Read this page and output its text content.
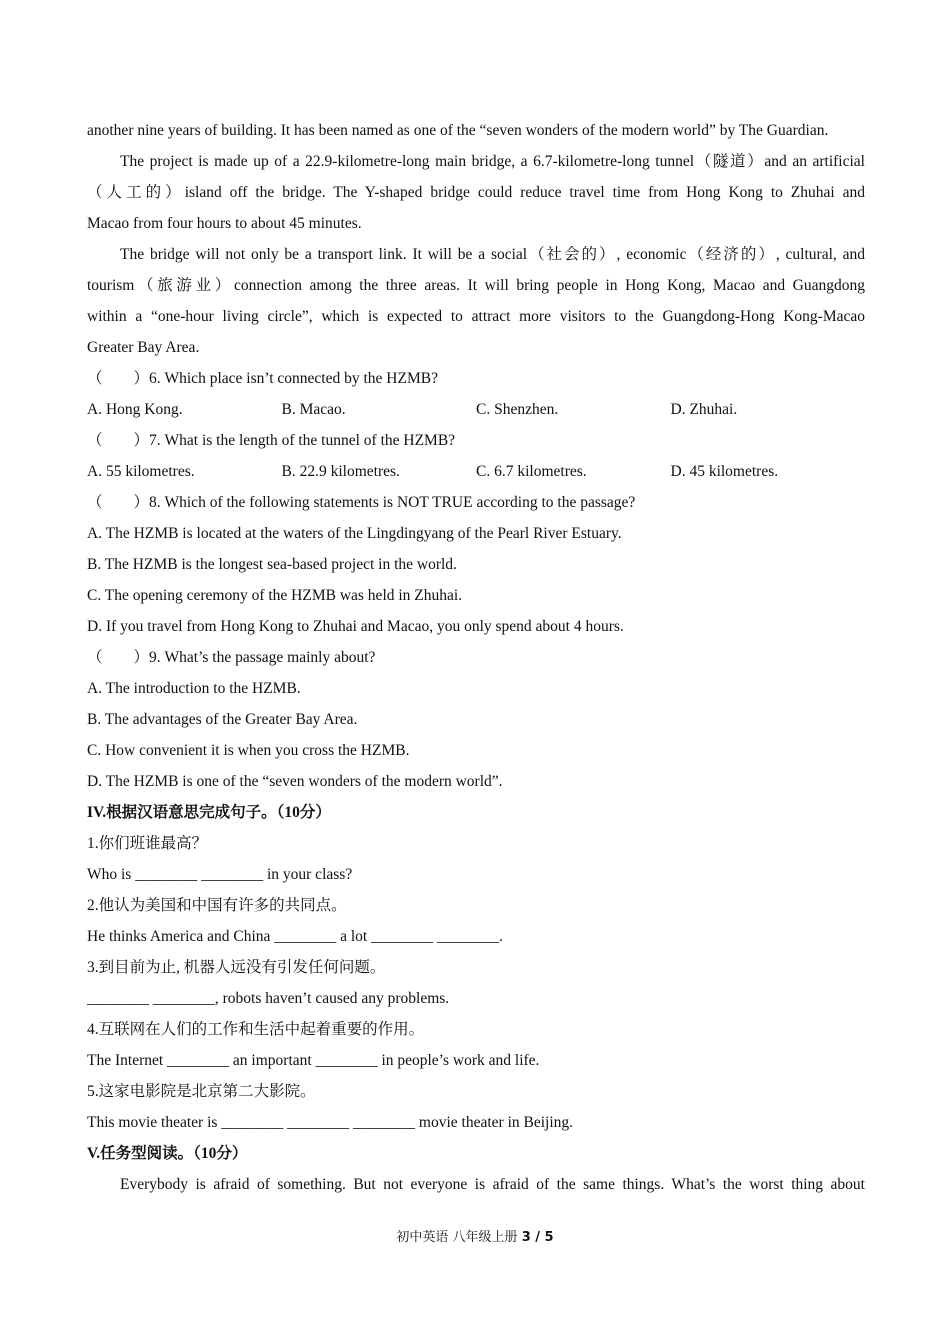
another nine years of building. It has been named as one of the “seven wonders of the modern world” by The Guardian.
The project is made up of a 22.9-kilometre-long main bridge, a 6.7-kilometre-long tunnel（隧道）and an artificial
（人工的）island off the bridge. The Y-shaped bridge could reduce travel time from Hong Kong to Zhuhai and
Macao from four hours to about 45 minutes.
The bridge will not only be a transport link. It will be a social（社会的）, economic（经济的）, cultural, and
tourism（旅游业）connection among the three areas. It will bring people in Hong Kong, Macao and Guangdong
within a “one-hour living circle”, which is expected to attract more visitors to the Guangdong-Hong Kong-Macao
Greater Bay Area.
（　　）6. Which place isn’t connected by the HZMB?
A. Hong Kong.	B. Macao.	C. Shenzhen.	D. Zhuhai.
（　　）7. What is the length of the tunnel of the HZMB?
A. 55 kilometres.	B. 22.9 kilometres.	C. 6.7 kilometres.	D. 45 kilometres.
（　　）8. Which of the following statements is NOT TRUE according to the passage?
A. The HZMB is located at the waters of the Lingdingyang of the Pearl River Estuary.
B. The HZMB is the longest sea-based project in the world.
C. The opening ceremony of the HZMB was held in Zhuhai.
D. If you travel from Hong Kong to Zhuhai and Macao, you only spend about 4 hours.
（　　）9. What’s the passage mainly about?
A. The introduction to the HZMB.
B. The advantages of the Greater Bay Area.
C. How convenient it is when you cross the HZMB.
D. The HZMB is one of the “seven wonders of the modern world”.
IV.根据汉语意思完成句子。（10分）
1.你们班谁最高？
Who is ________ ________ in your class?
2.他认为美国和中国有许多的共同点。
He thinks America and China ________ a lot ________ ________.
3.到目前为止, 机器人远没有引发任何问题。
________ ________, robots haven’t caused any problems.
4.互联网在人们的工作和生活中起着重要的作用。
The Internet ________ an important ________ in people’s work and life.
5.这家电影院是北京第二大影院。
This movie theater is ________ ________ ________ movie theater in Beijing.
V.任务型阅读。（10分）
Everybody is afraid of something. But not everyone is afraid of the same things. What’s the worst thing about
初中英语 八年级上册 3 / 5
